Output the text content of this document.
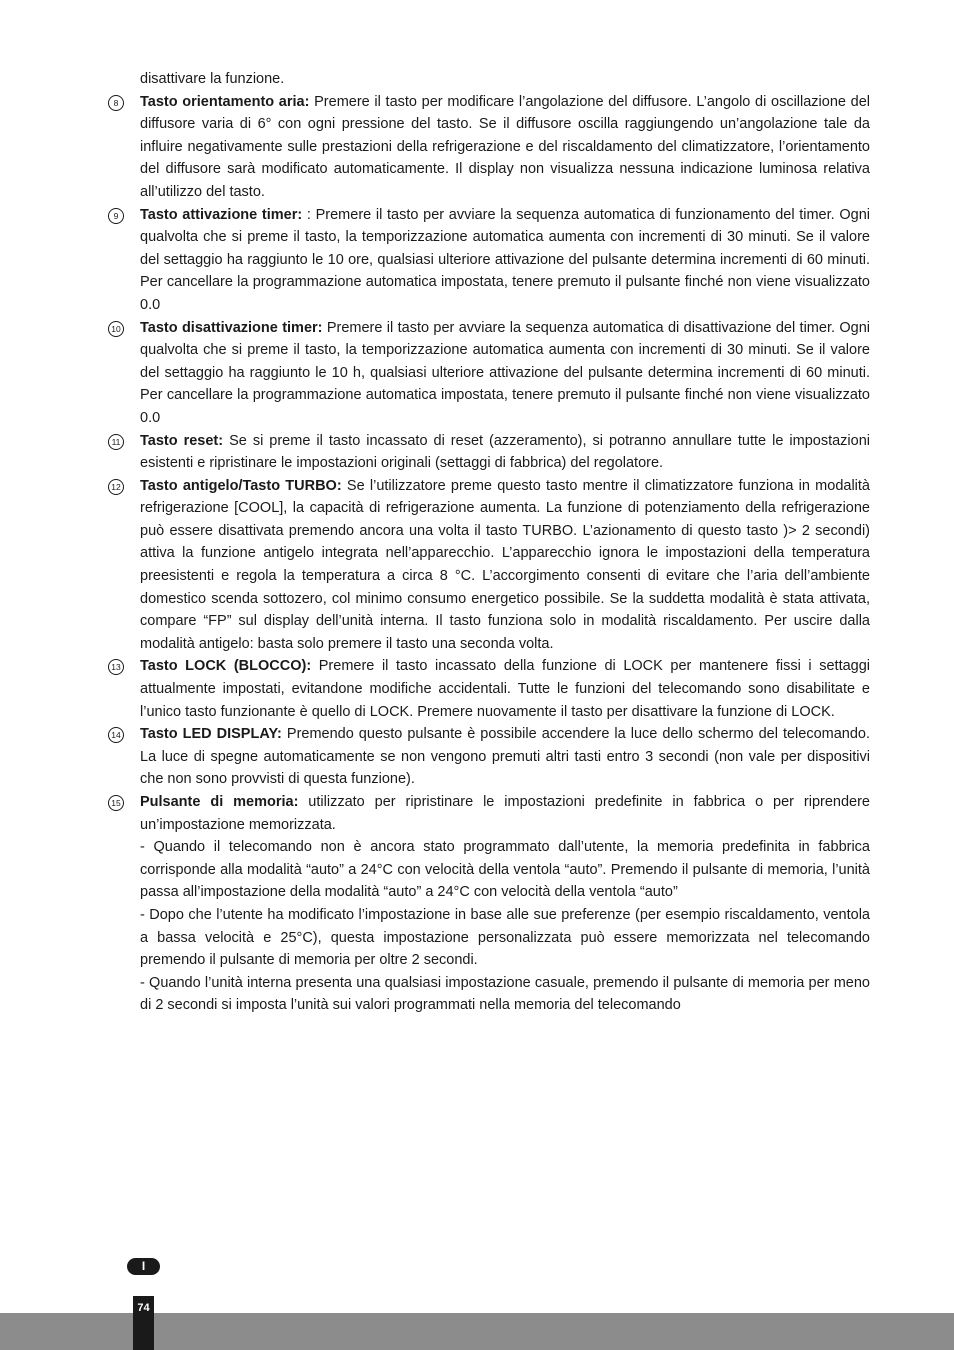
disattivare la funzione.

8	Tasto orientamento aria: Premere il tasto per modificare l’angolazione del diffusore. L’angolo di oscillazione del diffusore varia di 6° con ogni pressione del tasto. Se il diffusore oscilla raggiungendo un’angolazione tale da influire negativamente sulle prestazioni della refrigerazione e del riscaldamento del climatizzatore, l’orientamento del diffusore sarà modificato automaticamente. Il display non visualizza nessuna indicazione luminosa relativa all’utilizzo del tasto.

9	Tasto attivazione timer: : Premere il tasto per avviare la sequenza automatica di funzionamento del timer. Ogni qualvolta che si preme il tasto, la temporizzazione automatica aumenta con incrementi di 30 minuti. Se il valore del settaggio ha raggiunto le 10 ore, qualsiasi ulteriore attivazione del pulsante determina incrementi di 60 minuti. Per cancellare la programmazione automatica impostata, tenere premuto il pulsante finché non viene visualizzato 0.0

10 Tasto disattivazione timer: Premere il tasto per avviare la sequenza automatica di disattivazione del timer. Ogni qualvolta che si preme il tasto, la temporizzazione automatica aumenta con incrementi di 30 minuti. Se il valore del settaggio ha raggiunto le 10 h, qualsiasi ulteriore attivazione del pulsante determina incrementi di 60 minuti. Per cancellare la programmazione automatica impostata, tenere premuto il pulsante finché non viene visualizzato 0.0

11 Tasto reset: Se si preme il tasto incassato di reset (azzeramento), si potranno annullare tutte le impostazioni esistenti e ripristinare le impostazioni originali (settaggi di fabbrica) del regolatore.

12 Tasto antigelo/Tasto TURBO: Se l’utilizzatore preme questo tasto mentre il climatizzatore funziona in modalità refrigerazione [COOL], la capacità di refrigerazione aumenta. La funzione di potenziamento della refrigerazione può essere disattivata premendo ancora una volta il tasto TURBO. L’azionamento di questo tasto )> 2 secondi) attiva la funzione antigelo integrata nell’apparecchio. L’apparecchio ignora le impostazioni della temperatura preesistenti e regola la temperatura a circa 8 °C. L’accorgimento consenti di evitare che l’aria dell’ambiente domestico scenda sottozero, col minimo consumo energetico possibile. Se la suddetta modalità è stata attivata, compare “FP” sul display dell’unità interna. Il tasto funziona solo in modalità riscaldamento. Per uscire dalla modalità antigelo: basta solo premere il tasto una seconda volta.

13 Tasto LOCK (BLOCCO): Premere il tasto incassato della funzione di LOCK per mantenere fissi i settaggi attualmente impostati, evitandone modifiche accidentali. Tutte le funzioni del telecomando sono disabilitate e l’unico tasto funzionante è quello di LOCK. Premere nuovamente il tasto per disattivare la funzione di LOCK.

14 Tasto LED DISPLAY: Premendo questo pulsante è possibile accendere la luce dello schermo del telecomando. La luce di spegne automaticamente se non vengono premuti altri tasti entro 3 secondi (non vale per dispositivi che non sono provvisti di questa funzione).

15 Pulsante di memoria: utilizzato per ripristinare le impostazioni predefinite in fabbrica o per riprendere un’impostazione memorizzata.

- Quando il telecomando non è ancora stato programmato dall’utente, la memoria predefinita in fabbrica corrisponde alla modalità “auto” a 24°C con velocità della ventola “auto”. Premendo il pulsante di memoria, l’unità passa all’impostazione della modalità “auto” a 24°C con velocità della ventola “auto”

- Dopo che l’utente ha modificato l’impostazione in base alle sue preferenze (per esempio riscaldamento, ventola a bassa velocità e 25°C), questa impostazione personalizzata può essere memorizzata nel telecomando premendo il pulsante di memoria per oltre 2 secondi.

- Quando l’unità interna presenta una qualsiasi impostazione casuale, premendo il pulsante di memoria per meno di 2 secondi si imposta l’unità sui valori programmati nella memoria del telecomando

I
74
